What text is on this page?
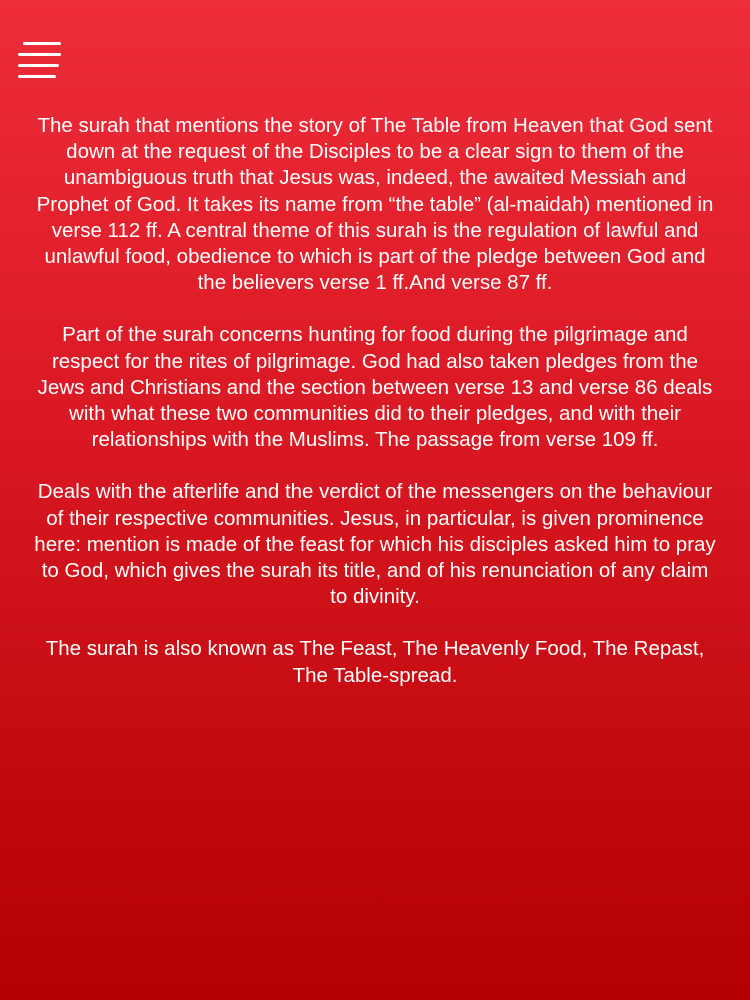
The surah that mentions the story of The Table from Heaven that God sent down at the request of the Disciples to be a clear sign to them of the unambiguous truth that Jesus was, indeed, the awaited Messiah and Prophet of God. It takes its name from “the table” (al-maidah) mentioned in verse 112 ff. A central theme of this surah is the regulation of lawful and unlawful food, obedience to which is part of the pledge between God and the believers verse 1 ff.And verse 87 ff.

Part of the surah concerns hunting for food during the pilgrimage and respect for the rites of pilgrimage. God had also taken pledges from the Jews and Christians and the section between verse 13 and verse 86 deals with what these two communities did to their pledges, and with their relationships with the Muslims. The passage from verse 109 ff.

Deals with the afterlife and the verdict of the messengers on the behaviour of their respective communities. Jesus, in particular, is given prominence here: mention is made of the feast for which his disciples asked him to pray to God, which gives the surah its title, and of his renunciation of any claim to divinity.

The surah is also known as The Feast, The Heavenly Food, The Repast, The Table-spread.
